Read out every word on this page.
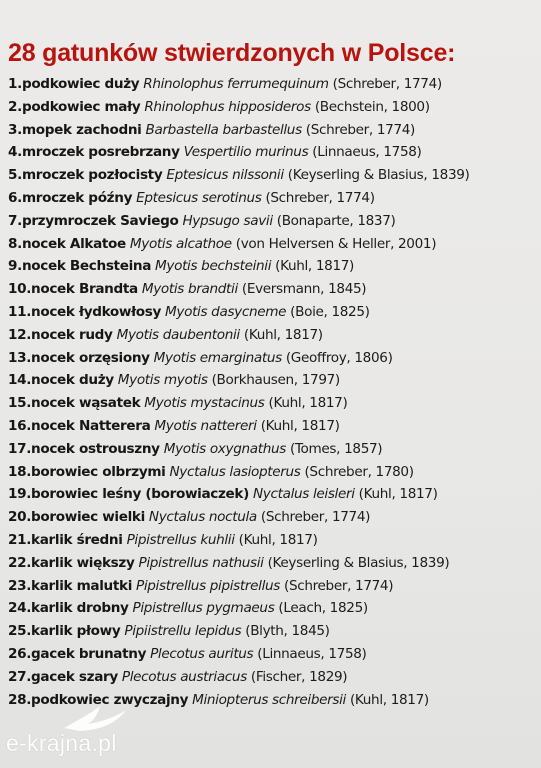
28 gatunków stwierdzonych w Polsce:
1.podkowiec duży Rhinolophus ferrumequinum (Schreber, 1774)
2.podkowiec mały Rhinolophus hipposideros (Bechstein, 1800)
3.mopek zachodni Barbastella barbastellus (Schreber, 1774)
4.mroczek posrebrzany Vespertilio murinus (Linnaeus, 1758)
5.mroczek pozłocisty Eptesicus nilssonii (Keyserling & Blasius, 1839)
6.mroczek późny Eptesicus serotinus (Schreber, 1774)
7.przymroczek Saviego Hypsugo savii (Bonaparte, 1837)
8.nocek Alkatoe Myotis alcathoe (von Helversen & Heller, 2001)
9.nocek Bechsteina Myotis bechsteinii (Kuhl, 1817)
10.nocek Brandta Myotis brandtii (Eversmann, 1845)
11.nocek łydkowłosy Myotis dasycneme (Boie, 1825)
12.nocek rudy Myotis daubentonii (Kuhl, 1817)
13.nocek orzęsiony Myotis emarginatus (Geoffroy, 1806)
14.nocek duży Myotis myotis (Borkhausen, 1797)
15.nocek wąsatek Myotis mystacinus (Kuhl, 1817)
16.nocek Natterera Myotis nattereri (Kuhl, 1817)
17.nocek ostrouszny Myotis oxygnathus (Tomes, 1857)
18.borowiec olbrzymi Nyctalus lasiopterus (Schreber, 1780)
19.borowiec leśny (borowiaczek) Nyctalus leisleri (Kuhl, 1817)
20.borowiec wielki Nyctalus noctula (Schreber, 1774)
21.karlik średni Pipistrellus kuhlii (Kuhl, 1817)
22.karlik większy Pipistrellus nathusii (Keyserling & Blasius, 1839)
23.karlik malutki Pipistrellus pipistrellus (Schreber, 1774)
24.karlik drobny Pipistrellus pygmaeus (Leach, 1825)
25.karlik płowy Pipiistrellu lepidus (Blyth, 1845)
26.gacek brunatny Plecotus auritus (Linnaeus, 1758)
27.gacek szary Plecotus austriacus (Fischer, 1829)
28.podkowiec zwyczajny Miniopterus schreibersii (Kuhl, 1817)
e-krajna.pl
